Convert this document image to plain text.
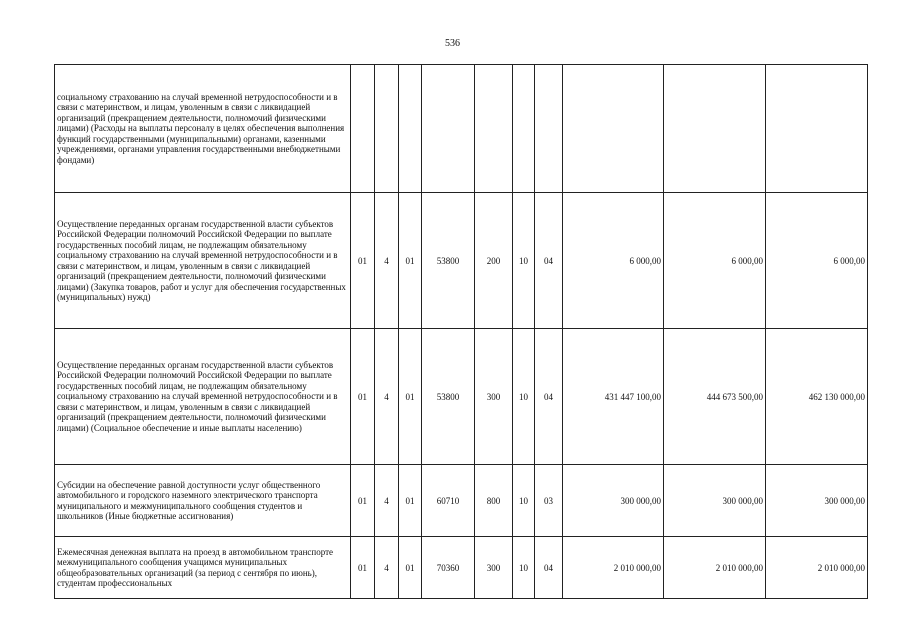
536
социальному страхованию на случай временной нетрудоспособности и в связи с материнством, и лицам, уволенным в связи с ликвидацией организаций (прекращением деятельности, полномочий физическими лицами) (Расходы на выплаты персоналу в целях обеспечения выполнения функций государственными (муниципальными) органами, казенными учреждениями, органами управления государственными внебюджетными фондами)										
Осуществление переданных органам государственной власти субъектов Российской Федерации полномочий Российской Федерации по выплате государственных пособий лицам, не подлежащим обязательному социальному страхованию на случай временной нетрудоспособности и в связи с материнством, и лицам, уволенным в связи с ликвидацией организаций (прекращением деятельности, полномочий физическими лицами) (Закупка товаров, работ и услуг для обеспечения государственных (муниципальных) нужд)	01	4	01	53800	200	10	04	6 000,00	6 000,00	6 000,00
Осуществление переданных органам государственной власти субъектов Российской Федерации полномочий Российской Федерации по выплате государственных пособий лицам, не подлежащим обязательному социальному страхованию на случай временной нетрудоспособности и в связи с материнством, и лицам, уволенным в связи с ликвидацией организаций (прекращением деятельности, полномочий физическими лицами) (Социальное обеспечение и иные выплаты населению)	01	4	01	53800	300	10	04	431 447 100,00	444 673 500,00	462 130 000,00
Субсидии на обеспечение равной доступности услуг общественного автомобильного и городского наземного электрического транспорта муниципального и межмуниципального сообщения студентов и школьников (Иные бюджетные ассигнования)	01	4	01	60710	800	10	03	300 000,00	300 000,00	300 000,00
Ежемесячная денежная выплата на проезд в автомобильном транспорте межмуниципального сообщения учащимся муниципальных общеобразовательных организаций (за период с сентября по июнь), студентам профессиональных	01	4	01	70360	300	10	04	2 010 000,00	2 010 000,00	2 010 000,00
